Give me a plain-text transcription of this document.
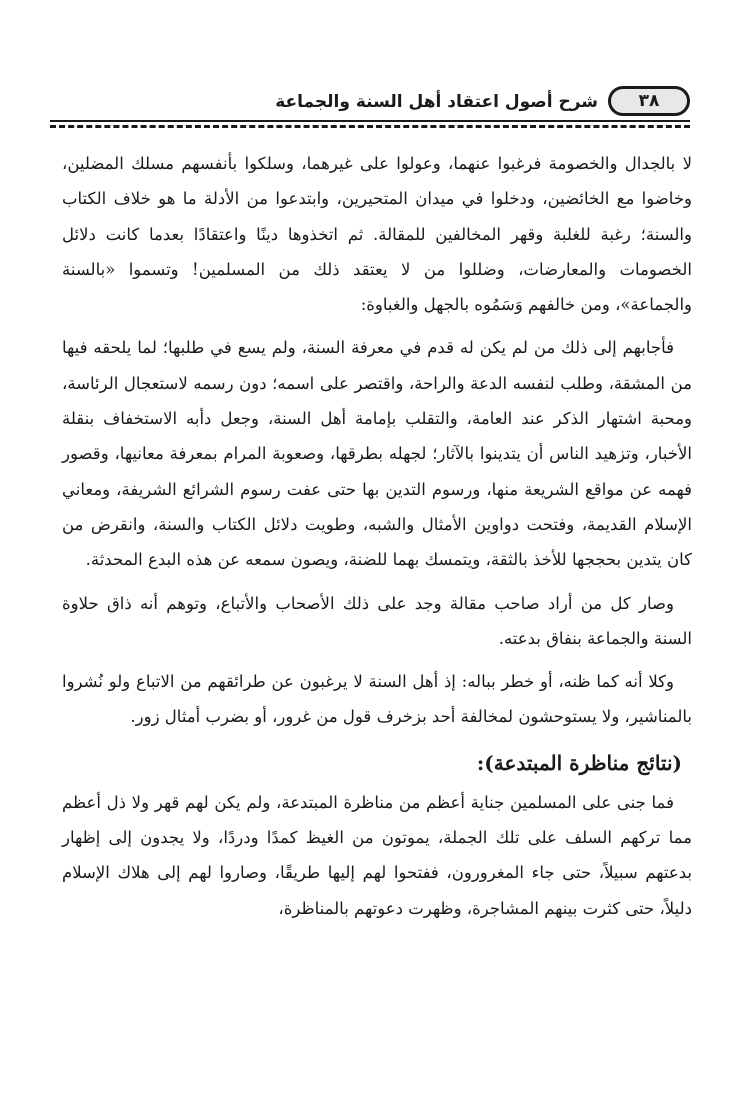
٣٨
شرح أصول اعتقاد أهل السنة والجماعة

لا بالجدال والخصومة فرغبوا عنهما، وعولوا على غيرهما، وسلكوا بأنفسهم مسلك المضلين، وخاضوا مع الخائضين، ودخلوا في ميدان المتحيرين، وابتدعوا من الأدلة ما هو خلاف الكتاب والسنة؛ رغبة للغلبة وقهر المخالفين للمقالة. ثم اتخذوها دينًا واعتقادًا بعدما كانت دلائل الخصومات والمعارضات، وضللوا من لا يعتقد ذلك من المسلمين! وتسموا «بالسنة والجماعة»، ومن خالفهم وَسَمُوه بالجهل والغباوة:

فأجابهم إلى ذلك من لم يكن له قدم في معرفة السنة، ولم يسع في طلبها؛ لما يلحقه فيها من المشقة، وطلب لنفسه الدعة والراحة، واقتصر على اسمه؛ دون رسمه لاستعجال الرئاسة، ومحبة اشتهار الذكر عند العامة، والتقلب بإمامة أهل السنة، وجعل دأبه الاستخفاف بنقلة الأخبار، وتزهيد الناس أن يتدينوا بالآثار؛ لجهله بطرقها، وصعوبة المرام بمعرفة معانيها، وقصور فهمه عن مواقع الشريعة منها، ورسوم التدين بها حتى عفت رسوم الشرائع الشريفة، ومعاني الإسلام القديمة، وفتحت دواوين الأمثال والشبه، وطويت دلائل الكتاب والسنة، وانقرض من كان يتدين بحججها للأخذ بالثقة، ويتمسك بهما للضنة، ويصون سمعه عن هذه البدع المحدثة.

وصار كل من أراد صاحب مقالة وجد على ذلك الأصحاب والأتباع، وتوهم أنه ذاق حلاوة السنة والجماعة بنفاق بدعته.

وكلا أنه كما ظنه، أو خطر بباله: إذ أهل السنة لا يرغبون عن طرائقهم من الاتباع ولو نُشروا بالمناشير، ولا يستوحشون لمخالفة أحد بزخرف قول من غرور، أو بضرب أمثال زور.

(نتائج مناظرة المبتدعة):

فما جنى على المسلمين جناية أعظم من مناظرة المبتدعة، ولم يكن لهم قهر ولا ذل أعظم مما تركهم السلف على تلك الجملة، يموتون من الغيظ كمدًا ودردًا، ولا يجدون إلى إظهار بدعتهم سبيلاً، حتى جاء المغرورون، ففتحوا لهم إليها طريقًا، وصاروا لهم إلى هلاك الإسلام دليلاً، حتى كثرت بينهم المشاجرة، وظهرت دعوتهم بالمناظرة،
